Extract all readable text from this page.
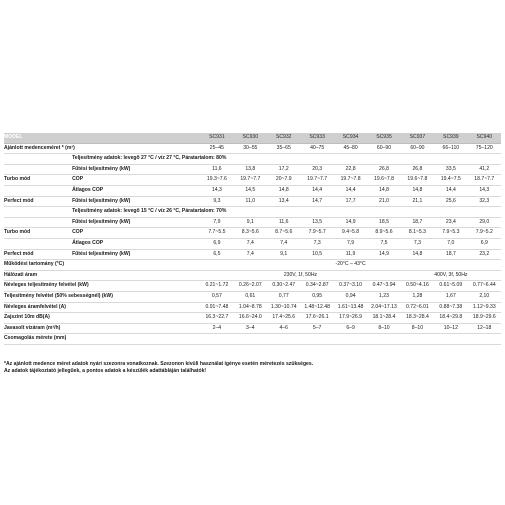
MODEL		SC931	SC930	SC932	SC933	SC934	SC935	SC937	SC939	SC940
Ajánlott medenceméret * (m³)		25–45	30–55	35–65	40–75	45–80	60–90	60–90	66–110	75–120
	Teljesítmény adatok: levegő 27 °C / víz 27 °C, Páratartalom: 80%									
	Fűtési teljesítmény (kW)	11,6	13,8	17,2	20,3	22,8	26,8	26,8	33,5	41,2
Turbo mód	COP	19.3~7.6	19.7~7.7	20~7.9	19.7~7.7	19.7~7.8	19.6~7.8	19.6~7.8	19.4~7.5	18.7~7.7
	Átlagos COP	14,3	14,5	14,8	14,4	14,4	14,8	14,8	14,4	14,3
Perfect mód	Fűtési teljesítmény (kW)	9,3	11,0	13,4	14,7	17,7	21,0	21,1	25,6	32,3
	Teljesítmény adatok: levegő 15 °C / víz 26 °C, Páratartalom: 70%									
	Fűtési teljesítmény (kW)	7,9	9,1	11,6	13,5	14,9	18,5	18,7	23,4	29,0
Turbo mód	COP	7.7~5.5	8.3~5.6	8.7~5.6	7.9~5.7	9.4~5.8	8.9~5.6	8.1~5.3	7.9~5.3	7.9~5.2
	Átlagos COP	6,9	7,4	7,4	7,3	7,9	7,5	7,3	7,0	6,9
Perfect mód	Fűtési teljesítmény (kW)	6,5	7,4	9,1	10,5	11,9	14,9	14,8	18,7	23,2
Működési tartomány (°C)		-20°C – 43°C								
Hálózati áram		230V, 1f, 50Hz						400V, 3f, 50Hz		
Névleges teljesítmény felvétel (kW)		0.21~1.72	0.26~2.07	0.30~2.47	0.34~2.87	0.37~3.10	0.47~3.94	0.50~4.16	0.61~5.09	0.77~6.44
Teljesítmény felvétel (50% sebességnél) (kW)		0,57	0,61	0,77	0,95	0,94	1,23	1,28	1,67	2,10
Névleges áramfelvétel (A)		0.91~7.48	1.04~8.78	1.30~10.74	1.48~12.48	1.61~13.48	2.04~17.13	0.72~6.01	0.88~7.38	1.12~9.33
Zajszint 10m dB(A)		16.3~22.7	16.6~24.0	17.4~25.6	17.6~26.1	17.9~26.9	18.1~28.4	18.3~28.4	18.4~29.8	18.9~29.6
Javasolt vízáram (m³/h)		2–4	3–4	4–6	5–7	6–9	8–10	8–10	10–12	12–18
Csomagolás mérete (mm)										
*Az ajánlott medence méret adatok nyári szezonra vonatkoznak. Szezonon kívüli használat igénye esetén méretezés szükséges.
Az adatok tájékoztató jellegűek, a pontos adatok a készülék adattábláján találhatók!
